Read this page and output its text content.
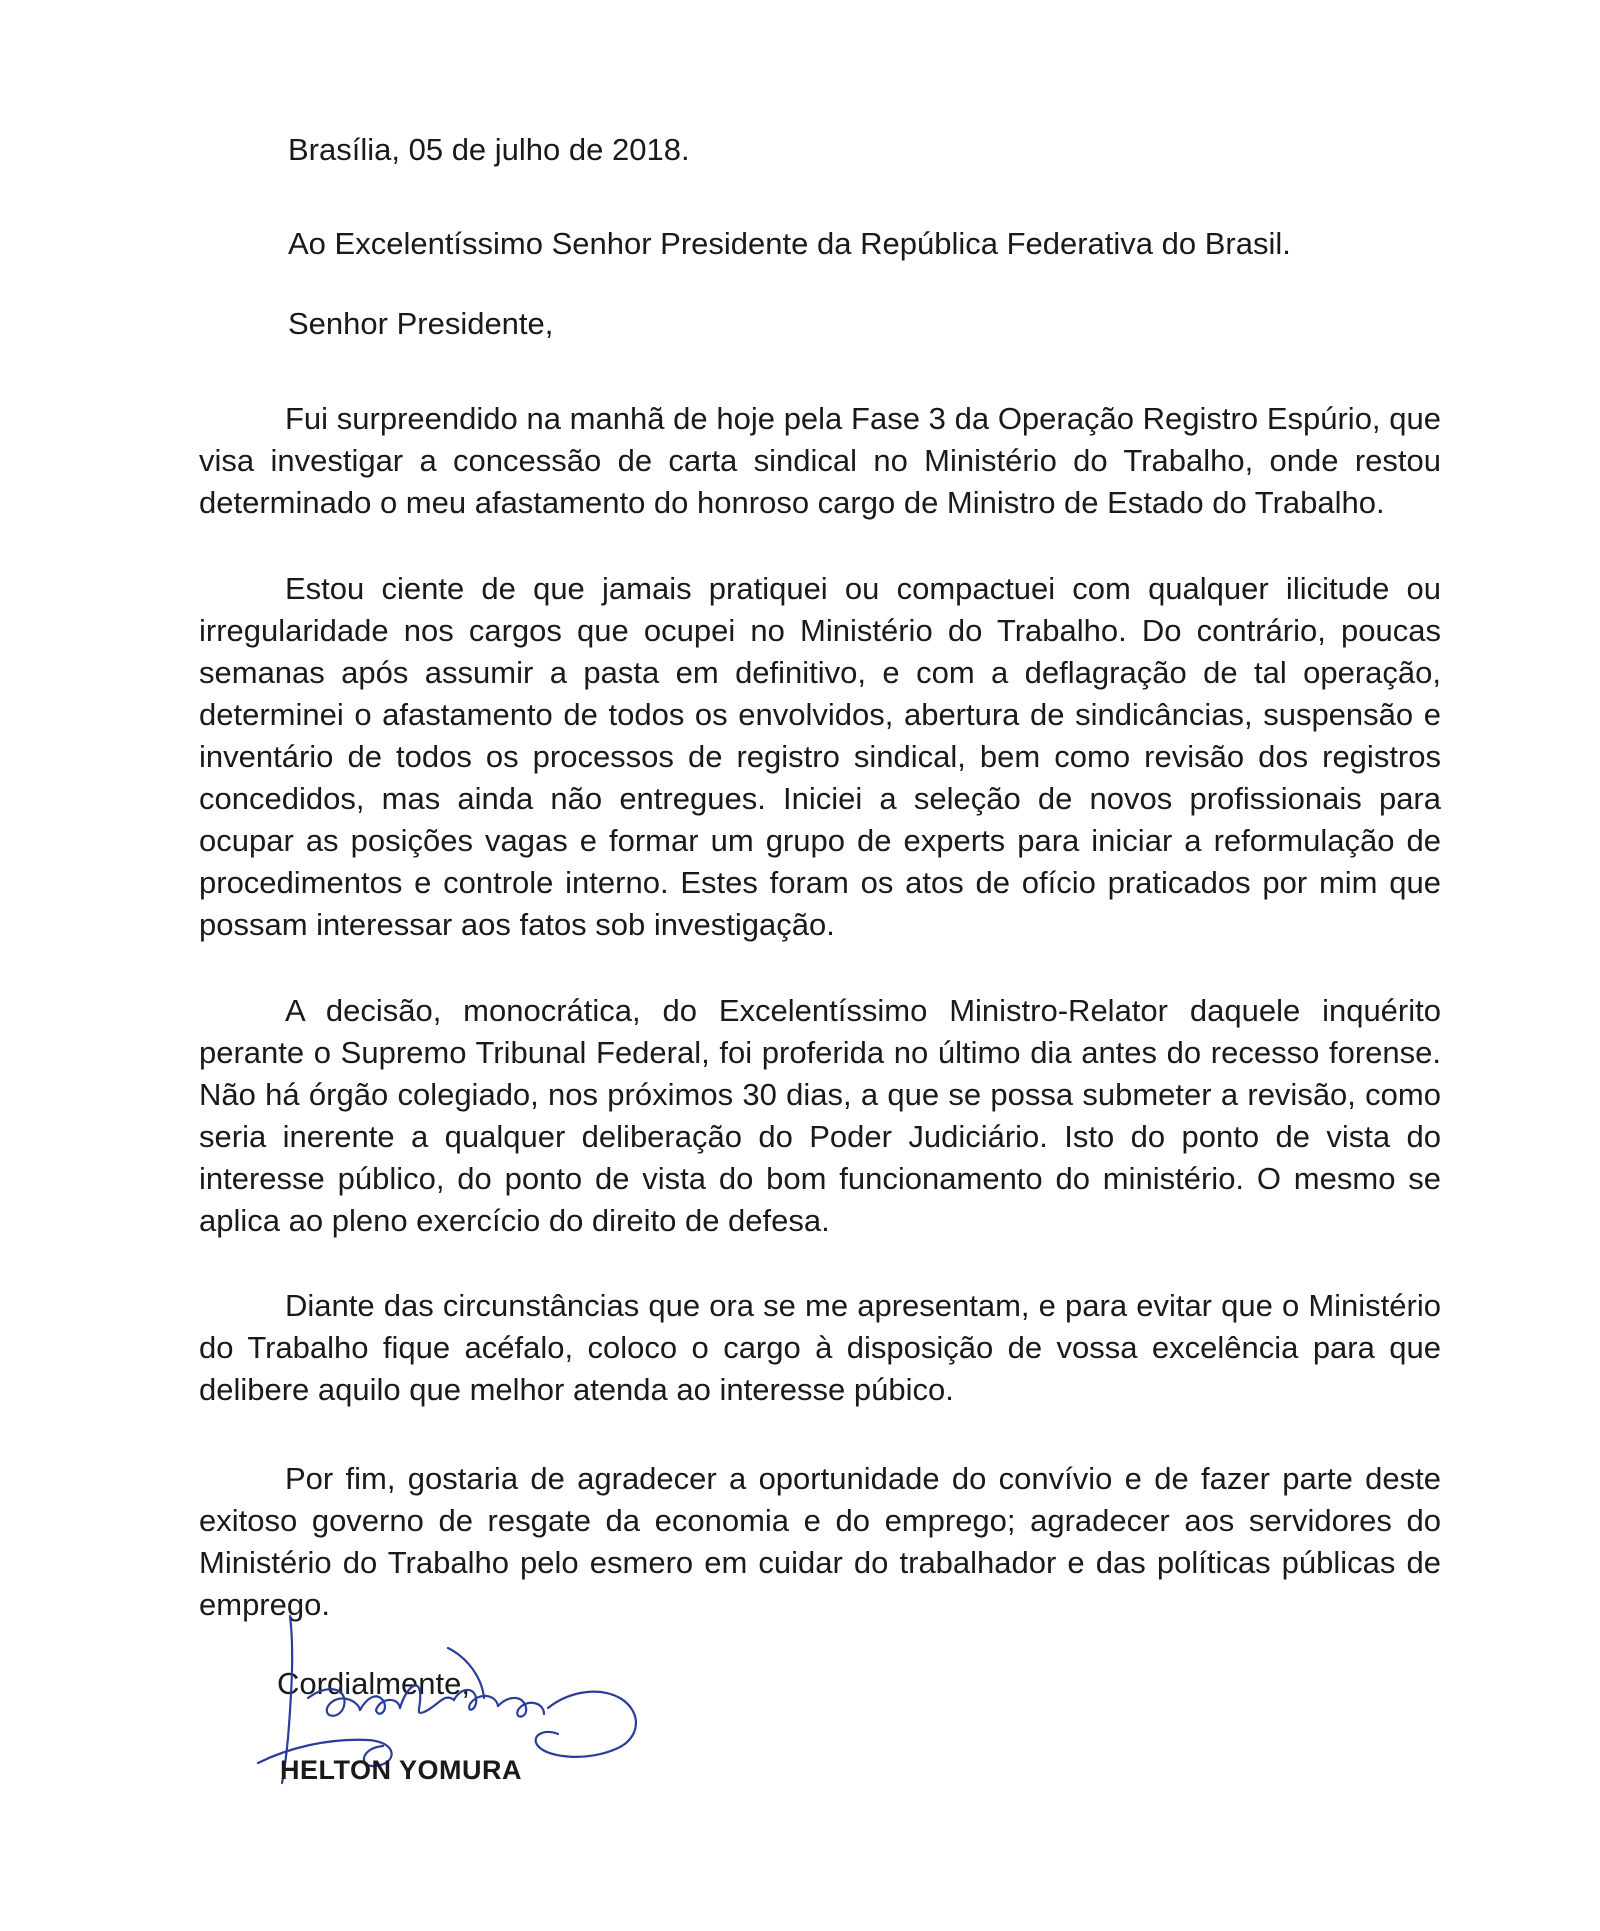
Brasília, 05 de julho de 2018.

Ao Excelentíssimo Senhor Presidente da República Federativa do Brasil.

Senhor Presidente,

Fui surpreendido na manhã de hoje pela Fase 3 da Operação Registro Espúrio, que visa investigar a concessão de carta sindical no Ministério do Trabalho, onde restou determinado o meu afastamento do honroso cargo de Ministro de Estado do Trabalho.

Estou ciente de que jamais pratiquei ou compactuei com qualquer ilicitude ou irregularidade nos cargos que ocupei no Ministério do Trabalho. Do contrário, poucas semanas após assumir a pasta em definitivo, e com a deflagração de tal operação, determinei o afastamento de todos os envolvidos, abertura de sindicâncias, suspensão e inventário de todos os processos de registro sindical, bem como revisão dos registros concedidos, mas ainda não entregues. Iniciei a seleção de novos profissionais para ocupar as posições vagas e formar um grupo de experts para iniciar a reformulação de procedimentos e controle interno. Estes foram os atos de ofício praticados por mim que possam interessar aos fatos sob investigação.

A decisão, monocrática, do Excelentíssimo Ministro-Relator daquele inquérito perante o Supremo Tribunal Federal, foi proferida no último dia antes do recesso forense. Não há órgão colegiado, nos próximos 30 dias, a que se possa submeter a revisão, como seria inerente a qualquer deliberação do Poder Judiciário. Isto do ponto de vista do interesse público, do ponto de vista do bom funcionamento do ministério. O mesmo se aplica ao pleno exercício do direito de defesa.

Diante das circunstâncias que ora se me apresentam, e para evitar que o Ministério do Trabalho fique acéfalo, coloco o cargo à disposição de vossa excelência para que delibere aquilo que melhor atenda ao interesse púbico.

Por fim, gostaria de agradecer a oportunidade do convívio e de fazer parte deste exitoso governo de resgate da economia e do emprego; agradecer aos servidores do Ministério do Trabalho pelo esmero em cuidar do trabalhador e das políticas públicas de emprego.

Cordialmente,

HELTON YOMURA
